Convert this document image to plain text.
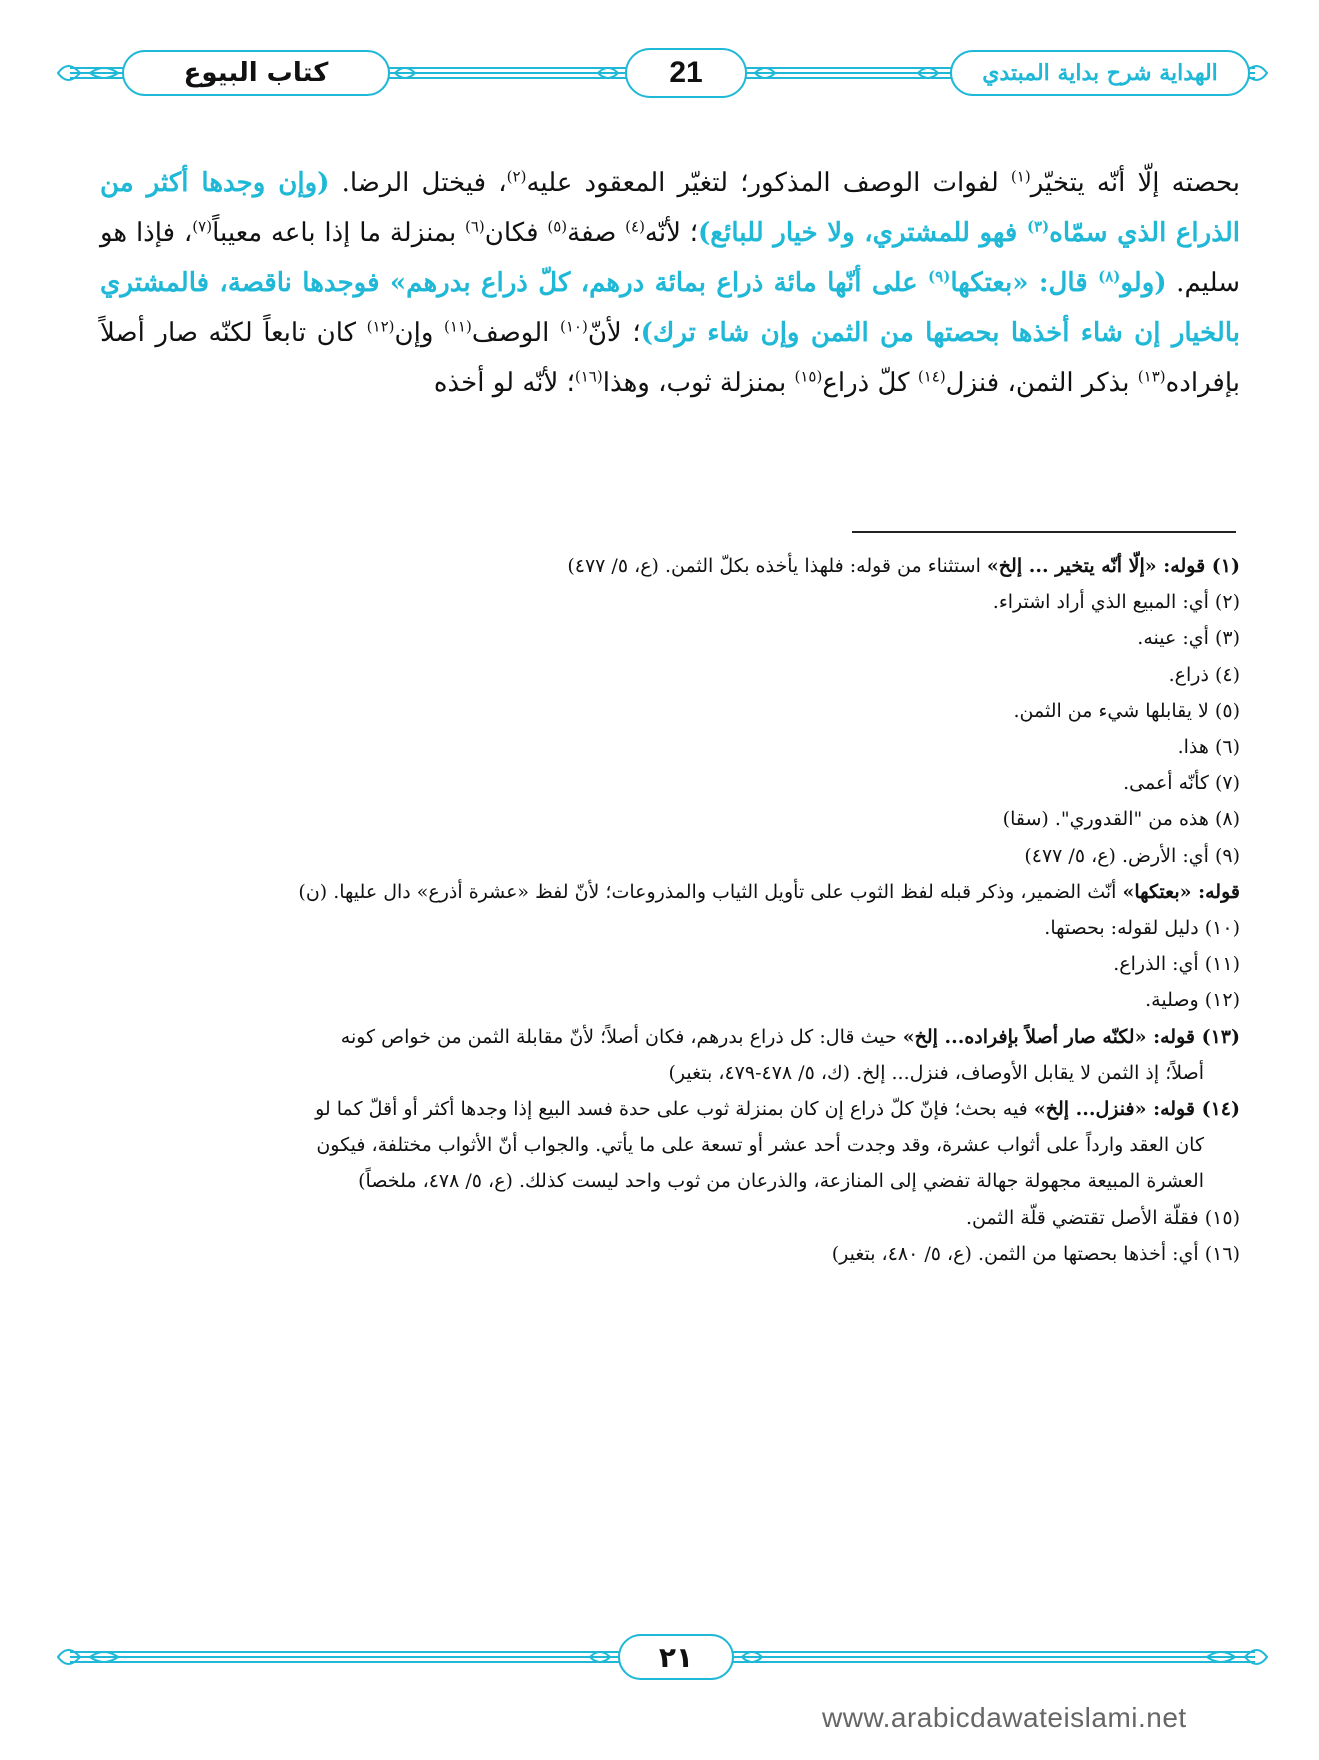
كتاب البيوع	21	الهداية شرح بداية المبتدي
بحصته إلّا أنّه يتخيّر$^{(١)}$ لفوات الوصف المذكور؛ لتغيّر المعقود عليه$^{(٢)}$، فيختل الرضا. (وإن وجدها أكثر من الذراع الذي سمّاه$^{(٣)}$ فهو للمشتري، ولا خيار للبائع)؛ لأنّه$^{(٤)}$ صفة$^{(٥)}$ فكان$^{(٦)}$ بمنزلة ما إذا باعه معيباً$^{(٧)}$، فإذا هو سليم. (ولو$^{(٨)}$ قال: «بعتكها$^{(٩)}$ على أنّها مائة ذراع بمائة درهم، كلّ ذراع بدرهم» فوجدها ناقصة، فالمشتري بالخيار إن شاء أخذها بحصتها من الثمن وإن شاء ترك)؛ لأنّ$^{(١٠)}$ الوصف$^{(١١)}$ وإن$^{(١٢)}$ كان تابعاً لكنّه صار أصلاً بإفراده$^{(١٣)}$ بذكر الثمن، فنزل$^{(١٤)}$ كلّ ذراع$^{(١٥)}$ بمنزلة ثوب، وهذا$^{(١٦)}$؛ لأنّه لو أخذه

(١) قوله: «إلّا أنّه يتخير ... إلخ» استثناء من قوله: فلهذا يأخذه بكلّ الثمن. (ع، ٥/ ٤٧٧)

(٢) أي: المبيع الذي أراد اشتراء.

(٣) أي: عينه.

(٤) ذراع.

(٥) لا يقابلها شيء من الثمن.

(٦) هذا.

(٧) كأنّه أعمى.

(٨) هذه من "القدوري". (سقا)

(٩) أي: الأرض. (ع، ٥/ ٤٧٧)

قوله: «بعتكها» أنّث الضمير، وذكر قبله لفظ الثوب على تأويل الثياب والمذروعات؛ لأنّ لفظ «عشرة أذرع» دال عليها. (ن)

(١٠) دليل لقوله: بحصتها.

(١١) أي: الذراع.

(١٢) وصلية.

(١٣) قوله: «لكنّه صار أصلاً بإفراده... إلخ» حيث قال: كل ذراع بدرهم، فكان أصلاً؛ لأنّ مقابلة الثمن من خواص كونه

أصلاً؛ إذ الثمن لا يقابل الأوصاف، فنزل... إلخ. (ك، ٥/ ٤٧٨-٤٧٩، بتغير)

(١٤) قوله: «فنزل... إلخ» فيه بحث؛ فإنّ كلّ ذراع إن كان بمنزلة ثوب على حدة فسد البيع إذا وجدها أكثر أو أقلّ كما لو

كان العقد وارداً على أثواب عشرة، وقد وجدت أحد عشر أو تسعة على ما يأتي. والجواب أنّ الأثواب مختلفة، فيكون

العشرة المبيعة مجهولة جهالة تفضي إلى المنازعة، والذرعان من ثوب واحد ليست كذلك. (ع، ٥/ ٤٧٨، ملخصاً)

(١٥) فقلّة الأصل تقتضي قلّة الثمن.

(١٦) أي: أخذها بحصتها من الثمن. (ع، ٥/ ٤٨٠، بتغير)

٢١
www.arabicdawateislami.net
